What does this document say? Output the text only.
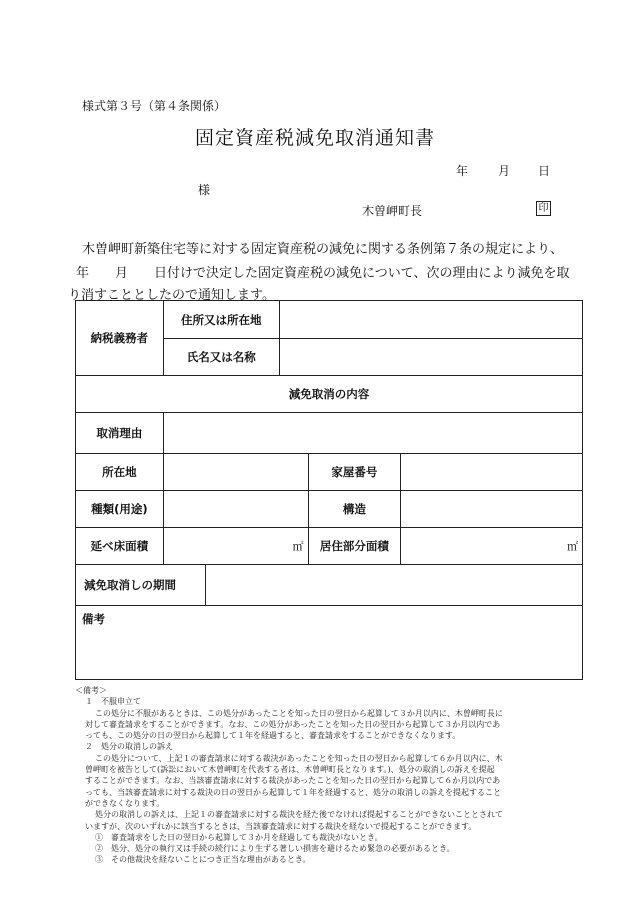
様式第３号（第４条関係）
固定資産税減免取消通知書
年 月 日
様
木曽岬町長	印
木曽岬町新築住宅等に対する固定資産税の減免に関する条例第７条の規定により、
年　　月　　日付けで決定した固定資産税の減免について、次の理由により減免を取
り消すこととしたので通知します。
納税義務者	住所又は所在地				
	氏名又は名称				
減免取消の内容					
取消理由					
所在地				家屋番号	
種類(用途)				構造	
延べ床面積	㎡			居住部分面積	㎡
減免取消しの期間					
備考					
＜備考＞
１　不服申立て
この処分に不服があるときは、この処分があったことを知った日の翌日から起算して３か月以内に、木曽岬町長に
対して審査請求をすることができます。なお、この処分があったことを知った日の翌日から起算して３か月以内であ
っても、この処分の日の翌日から起算して１年を経過すると、審査請求をすることができなくなります。
２　処分の取消しの訴え
この処分について、上記１の審査請求に対する裁決があったことを知った日の翌日から起算して６か月以内に、木
曽岬町を被告として(訴訟において木曽岬町を代表する者は、木曽岬町長となります。)、処分の取消しの訴えを提起
することができます。なお、当該審査請求に対する裁決があったことを知った日の翌日から起算して６か月以内であ
っても、当該審査請求に対する裁決の日の翌日から起算して１年を経過すると、処分の取消しの訴えを提起すること
ができなくなります。
処分の取消しの訴えは、上記１の審査請求に対する裁決を経た後でなければ提起することができないこととされて
いますが、次のいずれかに該当するときは、当該審査請求に対する裁決を経ないで提起することができます。
①　審査請求をした日の翌日から起算して３か月を経過しても裁決がないとき。
②　処分、処分の執行又は手続の続行により生ずる著しい損害を避けるため緊急の必要があるとき。
③　その他裁決を経ないことにつき正当な理由があるとき。
